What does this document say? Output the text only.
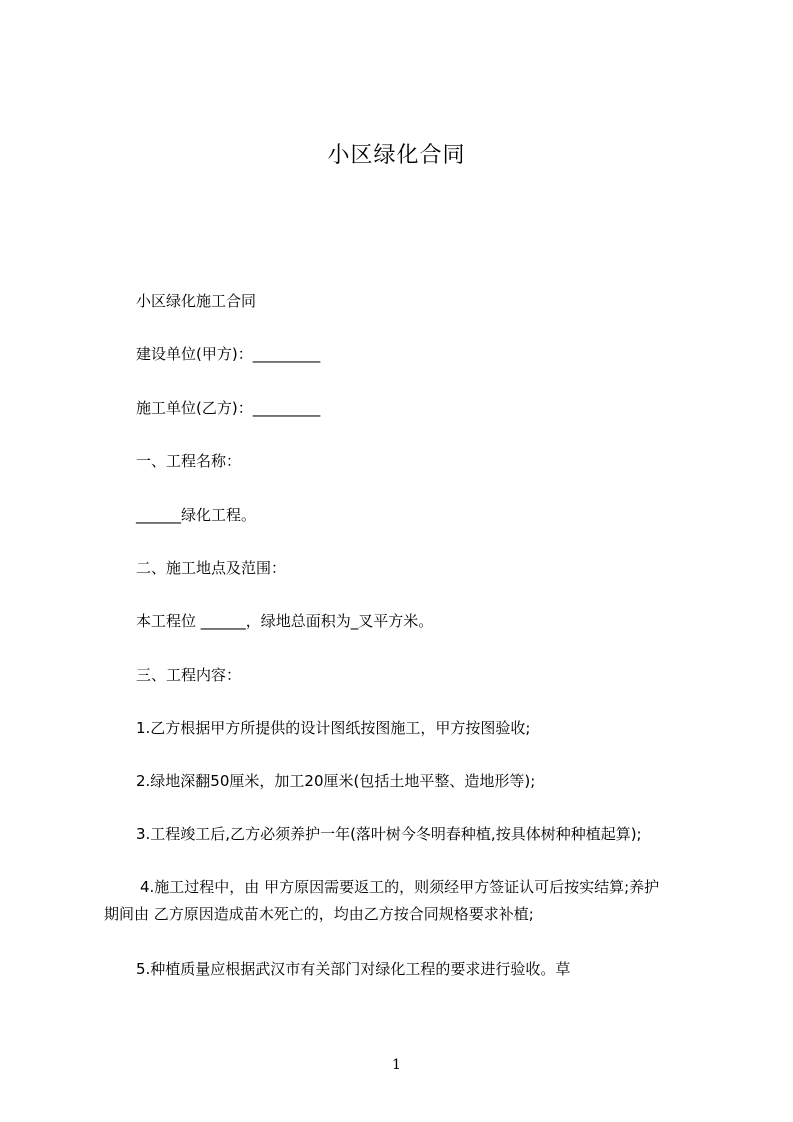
小区绿化合同
小区绿化施工合同
建设单位(甲方)：_________
施工单位(乙方)：_________
一、工程名称：
______绿化工程。
二、施工地点及范围：
本工程位 ______，绿地总面积为_叉平方米。
三、工程内容：
1.乙方根据甲方所提供的设计图纸按图施工，甲方按图验收;
2.绿地深翻50厘米，加工20厘米(包括土地平整、造地形等);
3.工程竣工后,乙方必须养护一年(落叶树今冬明春种植,按具体树种种植起算);
4.施工过程中，由 甲方原因需要返工的，则须经甲方签证认可后按实结算;养护
期间由 乙方原因造成苗木死亡的，均由乙方按合同规格要求补植;
5.种植质量应根据武汉市有关部门对绿化工程的要求进行验收。草
1
